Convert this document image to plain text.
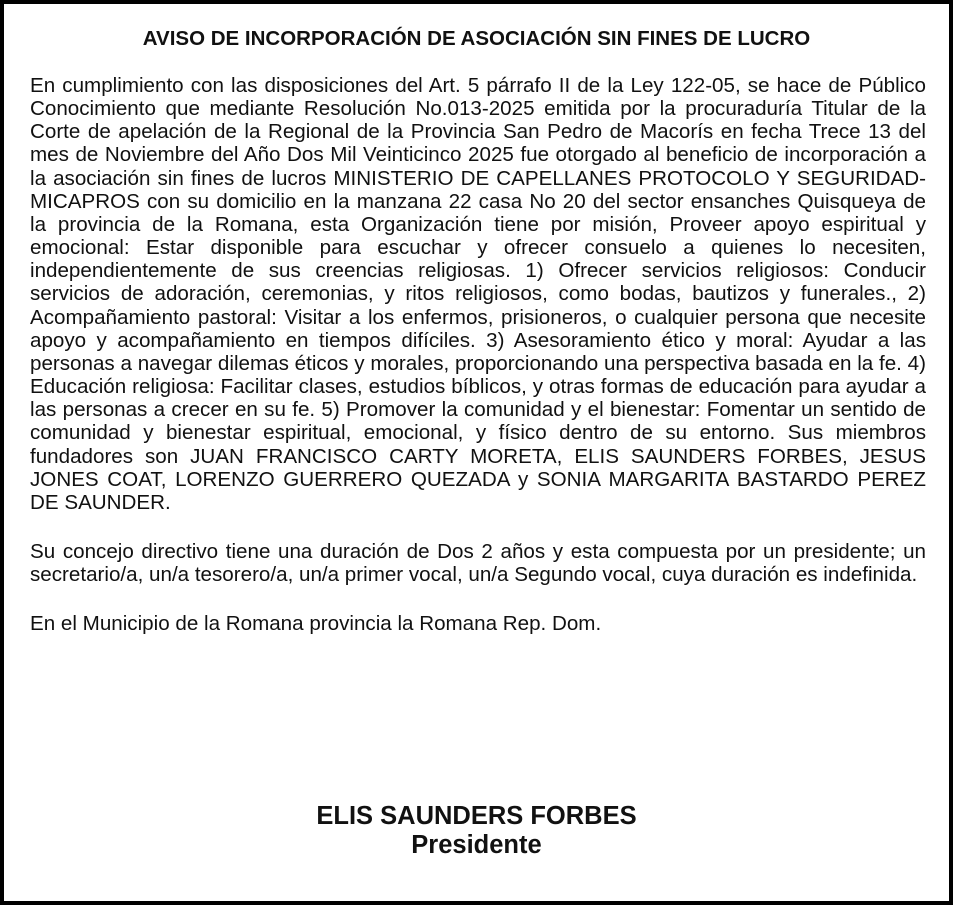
AVISO DE INCORPORACIÓN DE ASOCIACIÓN SIN FINES DE LUCRO

En cumplimiento con las disposiciones del Art. 5 párrafo II de la Ley 122-05, se hace de Público Conocimiento que mediante Resolución No.013-2025 emitida por la procuraduría Titular de la Corte de apelación de la Regional de la Provincia San Pedro de Macorís en fecha Trece 13 del mes de Noviembre del Año Dos Mil Veinticinco 2025 fue otorgado al beneficio de incorporación a la asociación sin fines de lucros MINISTERIO DE CAPELLANES PROTOCOLO Y SEGURIDAD-MICAPROS con su domicilio en la manzana 22 casa No 20 del sector ensanches Quisqueya de la provincia de la Romana, esta Organización tiene por misión, Proveer apoyo espiritual y emocional: Estar disponible para escuchar y ofrecer consuelo a quienes lo necesiten, independientemente de sus creencias religiosas. 1) Ofrecer servicios religiosos: Conducir servicios de adoración, ceremonias, y ritos religiosos, como bodas, bautizos y funerales., 2) Acompañamiento pastoral: Visitar a los enfermos, prisioneros, o cualquier persona que necesite apoyo y acompañamiento en tiempos difíciles. 3) Asesoramiento ético y moral: Ayudar a las personas a navegar dilemas éticos y morales, proporcionando una perspectiva basada en la fe. 4) Educación religiosa: Facilitar clases, estudios bíblicos, y otras formas de educación para ayudar a las personas a crecer en su fe. 5) Promover la comunidad y el bienestar: Fomentar un sentido de comunidad y bienestar espiritual, emocional, y físico dentro de su entorno. Sus miembros fundadores son JUAN FRANCISCO CARTY MORETA, ELIS SAUNDERS FORBES, JESUS JONES COAT, LORENZO GUERRERO QUEZADA y SONIA MARGARITA BASTARDO PEREZ DE SAUNDER.

Su concejo directivo tiene una duración de Dos 2 años y esta compuesta por un presidente; un secretario/a, un/a tesorero/a, un/a primer vocal, un/a Segundo vocal, cuya duración es indefinida.

En el Municipio de la Romana provincia la Romana Rep. Dom.

ELIS SAUNDERS FORBES
Presidente
